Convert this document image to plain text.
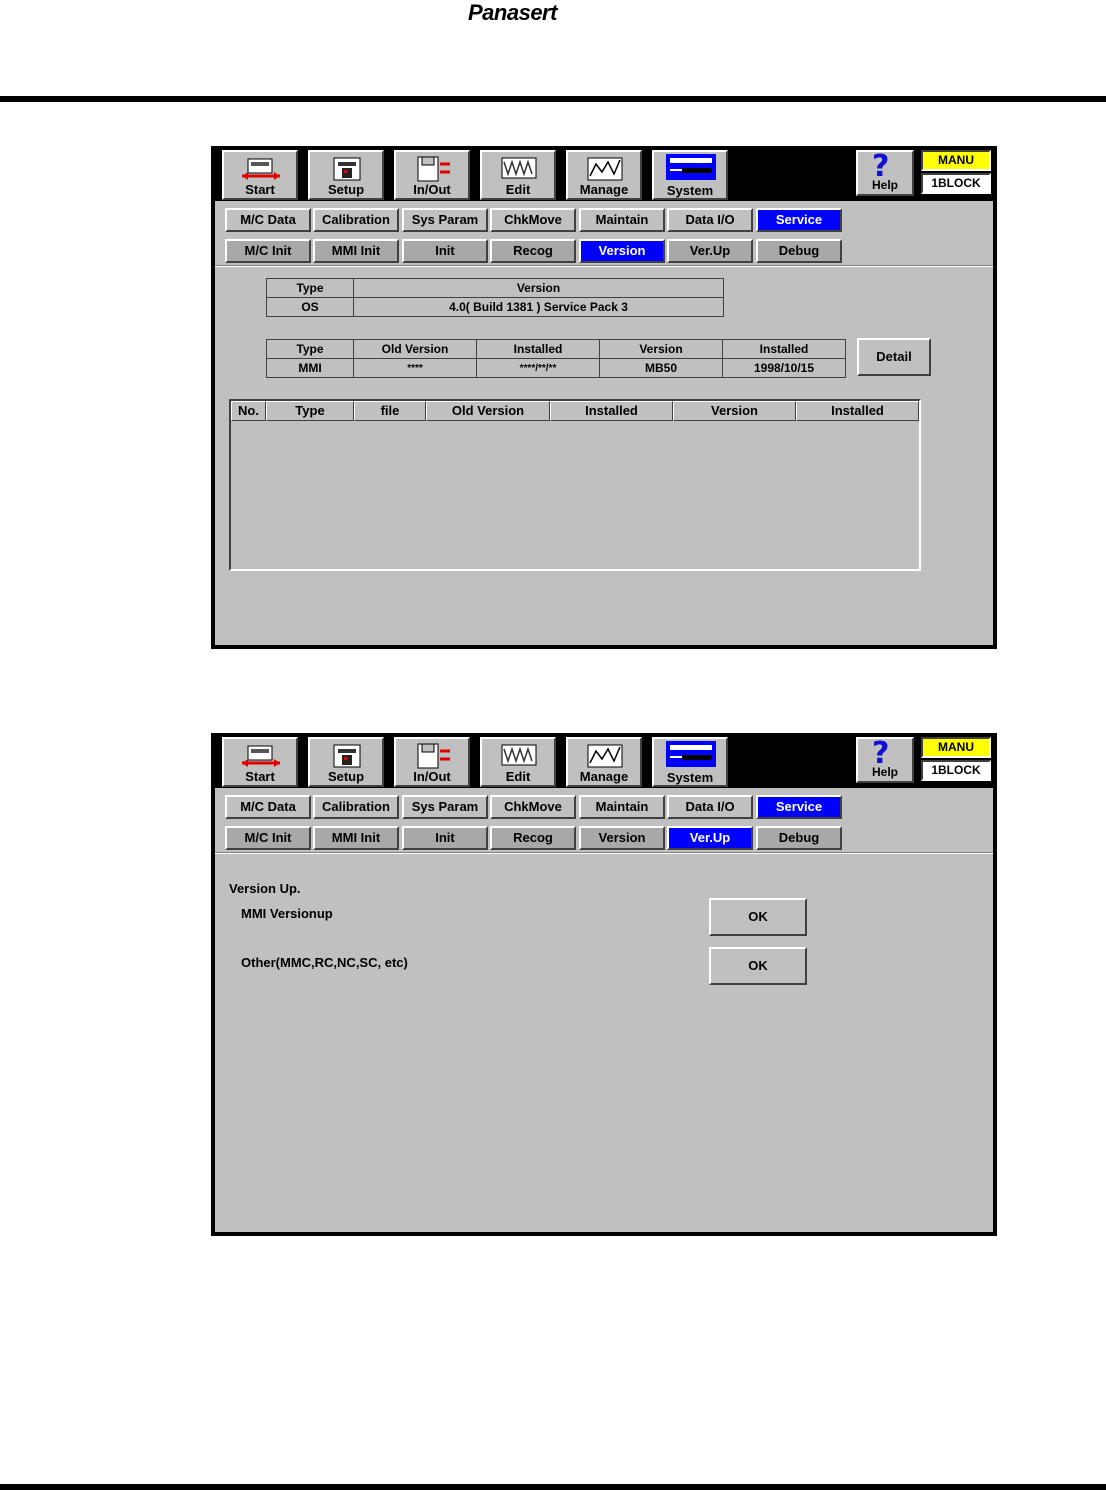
Panasert
Start	Setup	In/Out	Edit	Manage	System
?
Help
MANU
1BLOCK
M/C Data	Calibration	Sys Param	ChkMove	Maintain	Data I/O	Service
M/C Init	MMI Init	Init	Recog	Version	Ver.Up	Debug
Type	Version
OS	4.0( Build 1381 ) Service Pack 3
Type	Old Version	Installed	Version	Installed
MMI	****	****/**/**	MB50	1998/10/15
Detail
No.	Type	file	Old Version	Installed	Version	Installed
Start	Setup	In/Out	Edit	Manage	System
?
Help
MANU
1BLOCK
M/C Data	Calibration	Sys Param	ChkMove	Maintain	Data I/O	Service
M/C Init	MMI Init	Init	Recog	Version	Ver.Up	Debug
Version Up.
MMI Versionup	OK
Other(MMC,RC,NC,SC, etc)	OK
